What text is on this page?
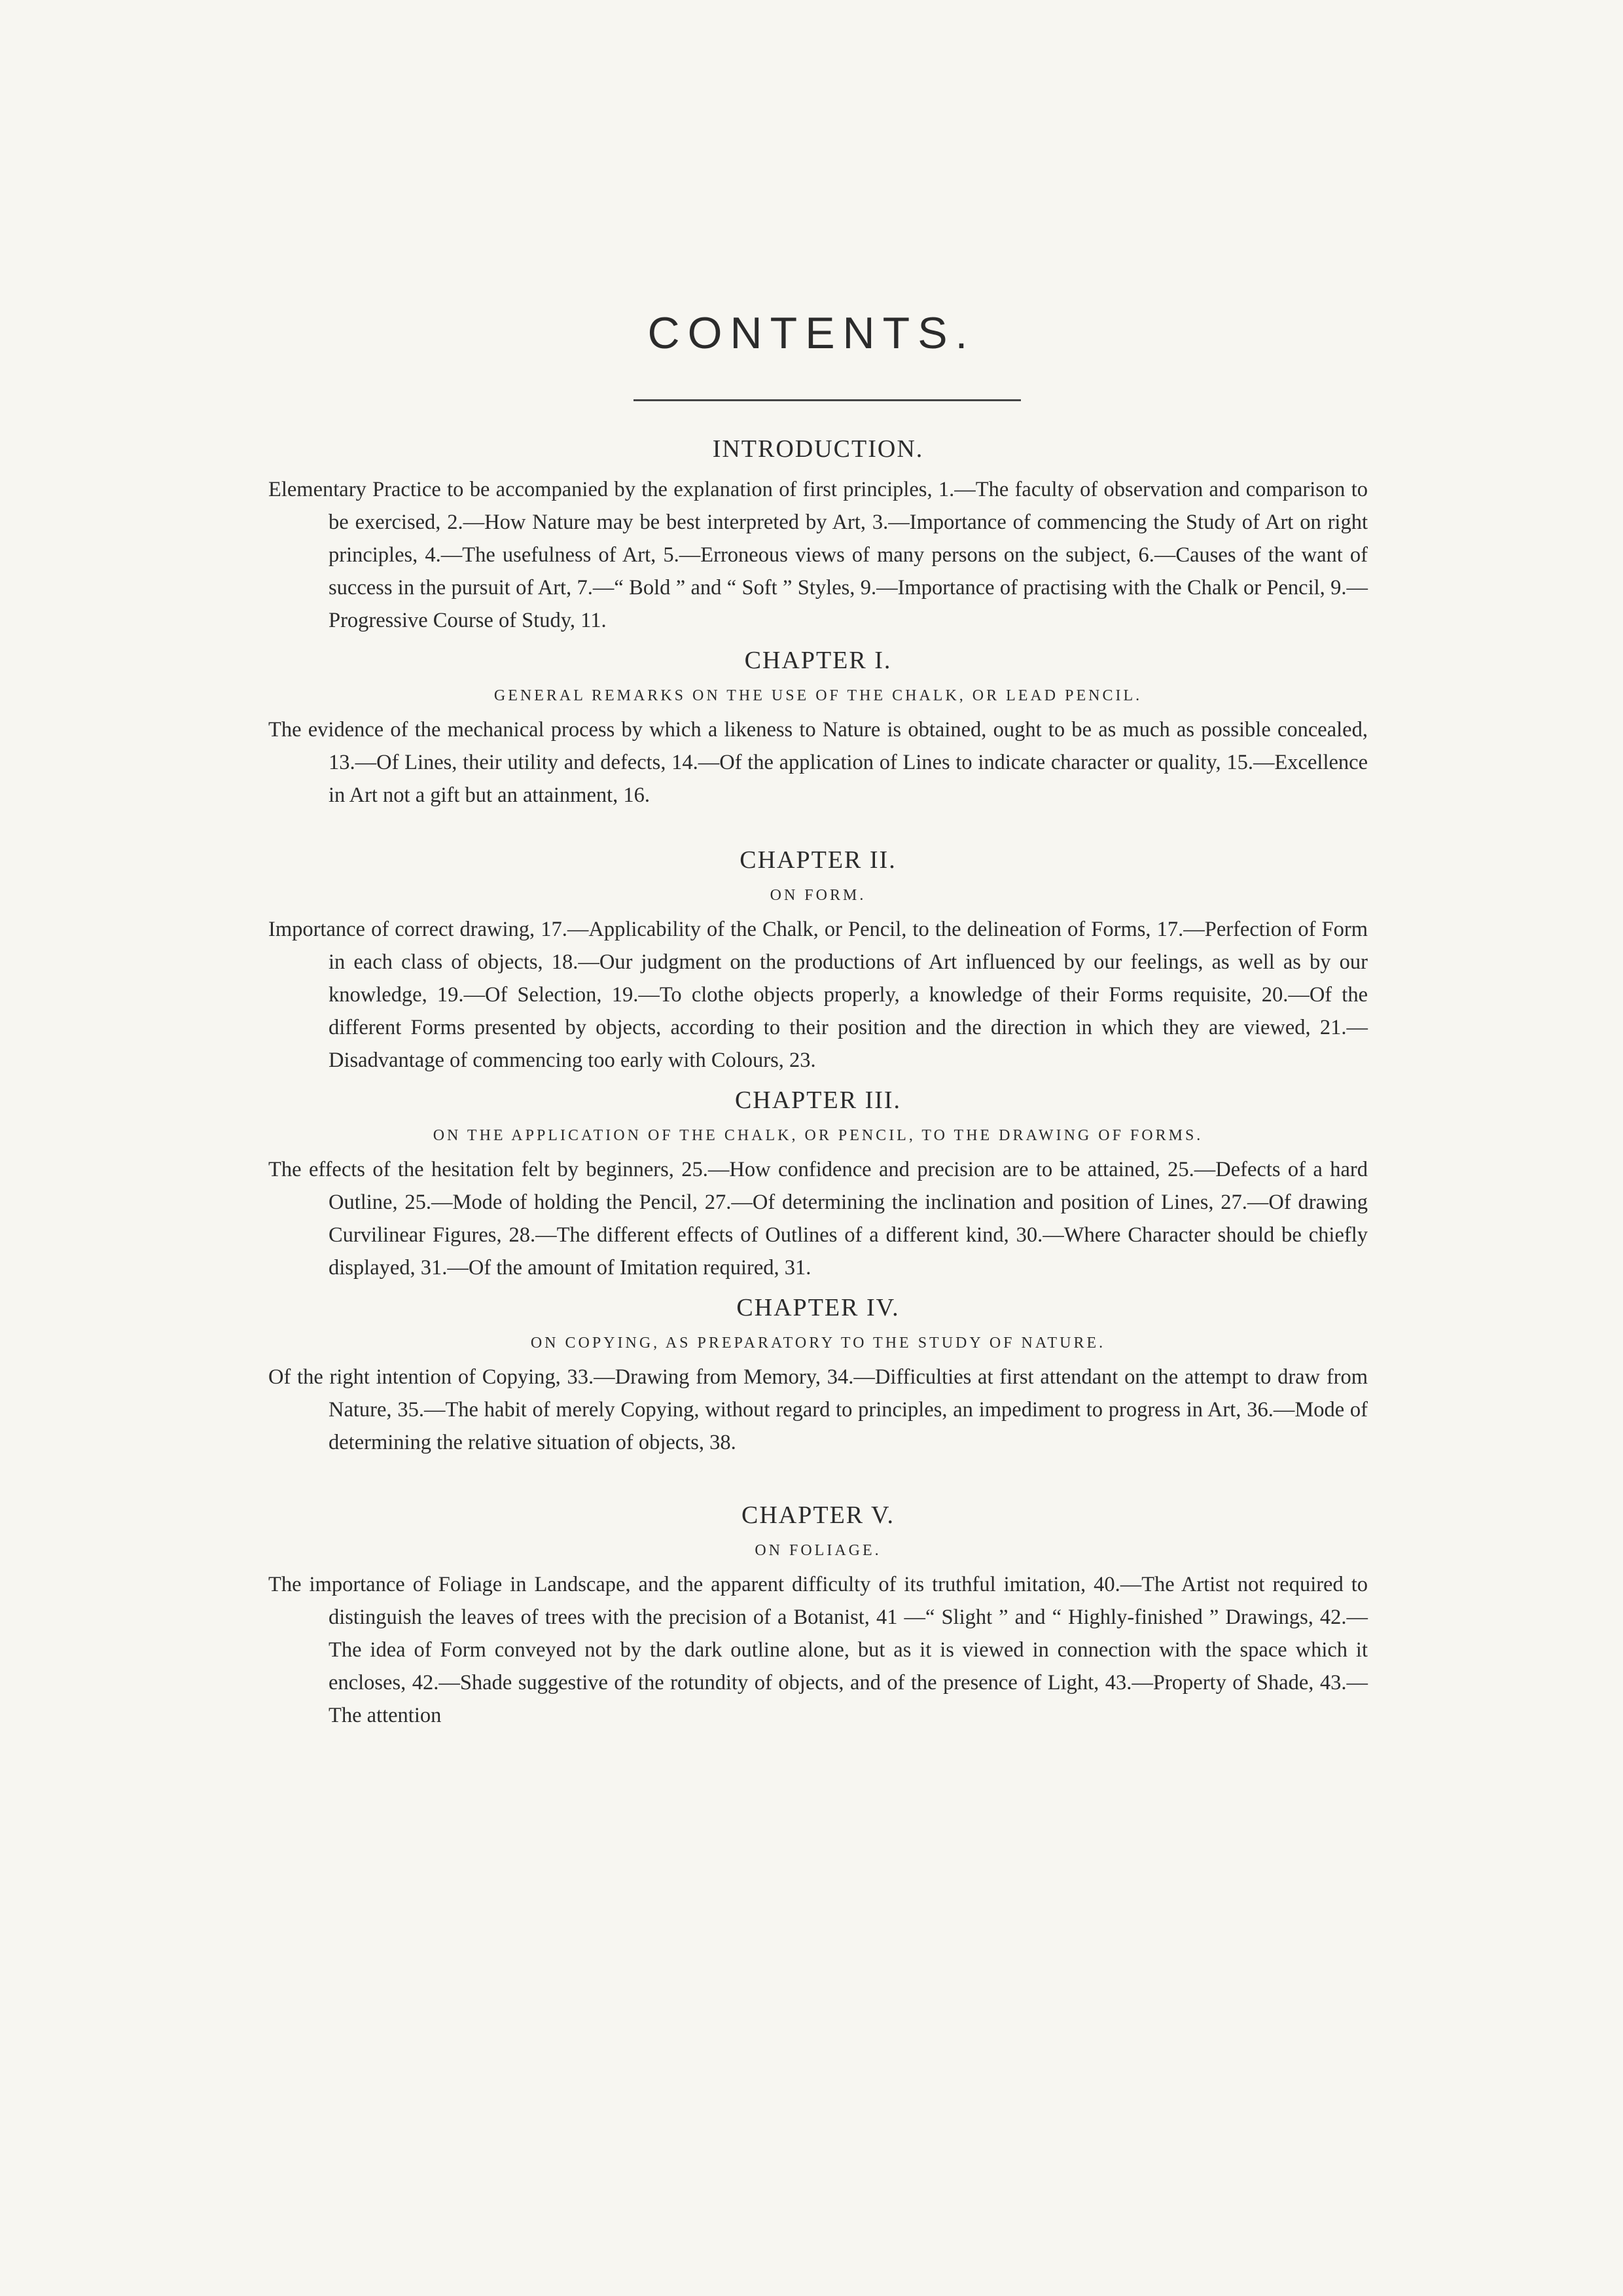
CONTENTS.

INTRODUCTION.

Elementary Practice to be accompanied by the explanation of first principles, 1.—The faculty of observation and comparison to be exercised, 2.—How Nature may be best interpreted by Art, 3.—Importance of commencing the Study of Art on right principles, 4.—The usefulness of Art, 5.—Erroneous views of many persons on the subject, 6.—Causes of the want of success in the pursuit of Art, 7.—“ Bold ” and “ Soft ” Styles, 9.—Importance of practising with the Chalk or Pencil, 9.—Progressive Course of Study, 11.

CHAPTER I.

GENERAL REMARKS ON THE USE OF THE CHALK, OR LEAD PENCIL.

The evidence of the mechanical process by which a likeness to Nature is obtained, ought to be as much as possible concealed, 13.—Of Lines, their utility and defects, 14.—Of the application of Lines to indicate character or quality, 15.—Excellence in Art not a gift but an attainment, 16.

CHAPTER II.

ON FORM.

Importance of correct drawing, 17.—Applicability of the Chalk, or Pencil, to the delineation of Forms, 17.—Perfection of Form in each class of objects, 18.—Our judgment on the productions of Art influenced by our feelings, as well as by our knowledge, 19.—Of Selection, 19.—To clothe objects properly, a knowledge of their Forms requisite, 20.—Of the different Forms presented by objects, according to their position and the direction in which they are viewed, 21.—Disadvantage of commencing too early with Colours, 23.

CHAPTER III.

ON THE APPLICATION OF THE CHALK, OR PENCIL, TO THE DRAWING OF FORMS.

The effects of the hesitation felt by beginners, 25.—How confidence and precision are to be attained, 25.—Defects of a hard Outline, 25.—Mode of holding the Pencil, 27.—Of determining the inclination and position of Lines, 27.—Of drawing Curvilinear Figures, 28.—The different effects of Outlines of a different kind, 30.—Where Character should be chiefly displayed, 31.—Of the amount of Imitation required, 31.

CHAPTER IV.

ON COPYING, AS PREPARATORY TO THE STUDY OF NATURE.

Of the right intention of Copying, 33.—Drawing from Memory, 34.—Difficulties at first attendant on the attempt to draw from Nature, 35.—The habit of merely Copying, without regard to principles, an impediment to progress in Art, 36.—Mode of determining the relative situation of objects, 38.

CHAPTER V.

ON FOLIAGE.

The importance of Foliage in Landscape, and the apparent difficulty of its truthful imitation, 40.—The Artist not required to distinguish the leaves of trees with the precision of a Botanist, 41 —“ Slight ” and “ Highly-finished ” Drawings, 42.—The idea of Form conveyed not by the dark outline alone, but as it is viewed in connection with the space which it encloses, 42.—Shade suggestive of the rotundity of objects, and of the presence of Light, 43.—Property of Shade, 43.—The attention
